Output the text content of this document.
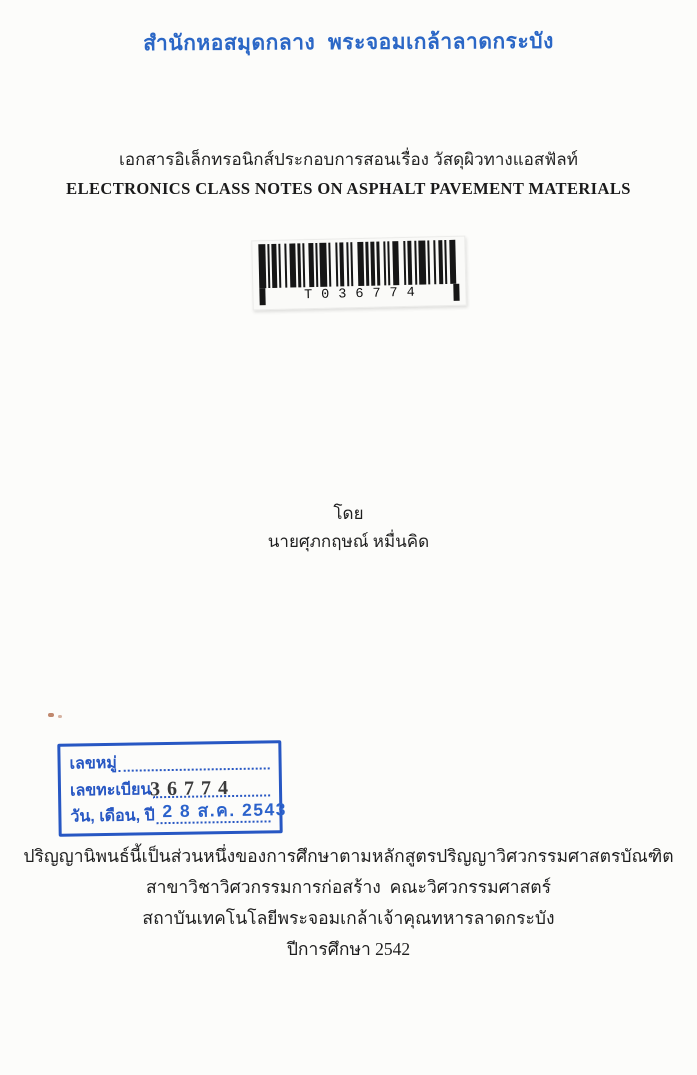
สำนักหอสมุดกลาง  พระจอมเกล้าลาดกระบัง
เอกสารอิเล็กทรอนิกส์ประกอบการสอนเรื่อง วัสดุผิวทางแอสฟัลท์
ELECTRONICS CLASS NOTES ON ASPHALT PAVEMENT MATERIALS
T036774
โดย
นายศุภกฤษณ์ หมื่นคิด
เลขหมู่
เลขทะเบียน
36774
วัน, เดือน, ปี 2 8 ส.ค. 2543
ปริญญานิพนธ์นี้เป็นส่วนหนึ่งของการศึกษาตามหลักสูตรปริญญาวิศวกรรมศาสตรบัณฑิต
สาขาวิชาวิศวกรรมการก่อสร้าง  คณะวิศวกรรมศาสตร์
สถาบันเทคโนโลยีพระจอมเกล้าเจ้าคุณทหารลาดกระบัง
ปีการศึกษา 2542
